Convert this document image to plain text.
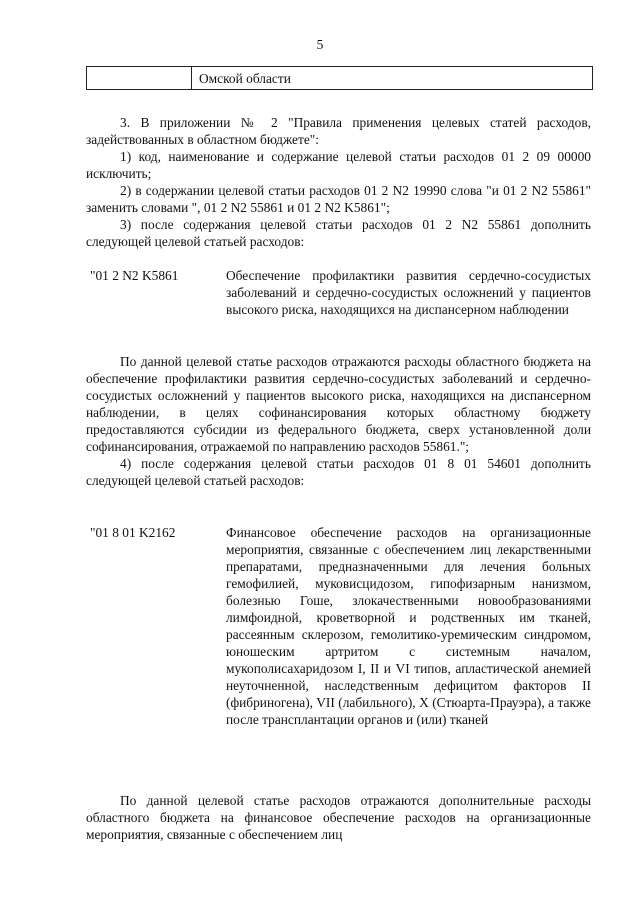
5
Омской области

3. В приложении № 2 "Правила применения целевых статей расходов, задействованных в областном бюджете":

1) код, наименование и содержание целевой статьи расходов 01 2 09 00000 исключить;

2) в содержании целевой статьи расходов 01 2 N2 19990 слова "и 01 2 N2 55861" заменить словами ", 01 2 N2 55861 и 01 2 N2 K5861";

3) после содержания целевой статьи расходов 01 2 N2 55861 дополнить следующей целевой статьей расходов:

"01 2 N2 K5861	Обеспечение профилактики развития сердечно-сосудистых заболеваний и сердечно-сосудистых осложнений у пациентов высокого риска, находящихся на диспансерном наблюдении

По данной целевой статье расходов отражаются расходы областного бюджета на обеспечение профилактики развития сердечно-сосудистых заболеваний и сердечно-сосудистых осложнений у пациентов высокого риска, находящихся на диспансерном наблюдении, в целях софинансирования которых областному бюджету предоставляются субсидии из федерального бюджета, сверх установленной доли софинансирования, отражаемой по направлению расходов 55861.";

4) после содержания целевой статьи расходов 01 8 01 54601 дополнить следующей целевой статьей расходов:

"01 8 01 K2162	Финансовое обеспечение расходов на организационные мероприятия, связанные с обеспечением лиц лекарственными препаратами, предназначенными для лечения больных гемофилией, муковисцидозом, гипофизарным нанизмом, болезнью Гоше, злокачественными новообразованиями лимфоидной, кроветворной и родственных им тканей, рассеянным склерозом, гемолитико-уремическим синдромом, юношеским артритом с системным началом, мукополисахаридозом I, II и VI типов, апластической анемией неуточненной, наследственным дефицитом факторов II (фибриногена), VII (лабильного), X (Стюарта-Прауэра), а также после трансплантации органов и (или) тканей

По данной целевой статье расходов отражаются дополнительные расходы областного бюджета на финансовое обеспечение расходов на организационные мероприятия, связанные с обеспечением лиц
